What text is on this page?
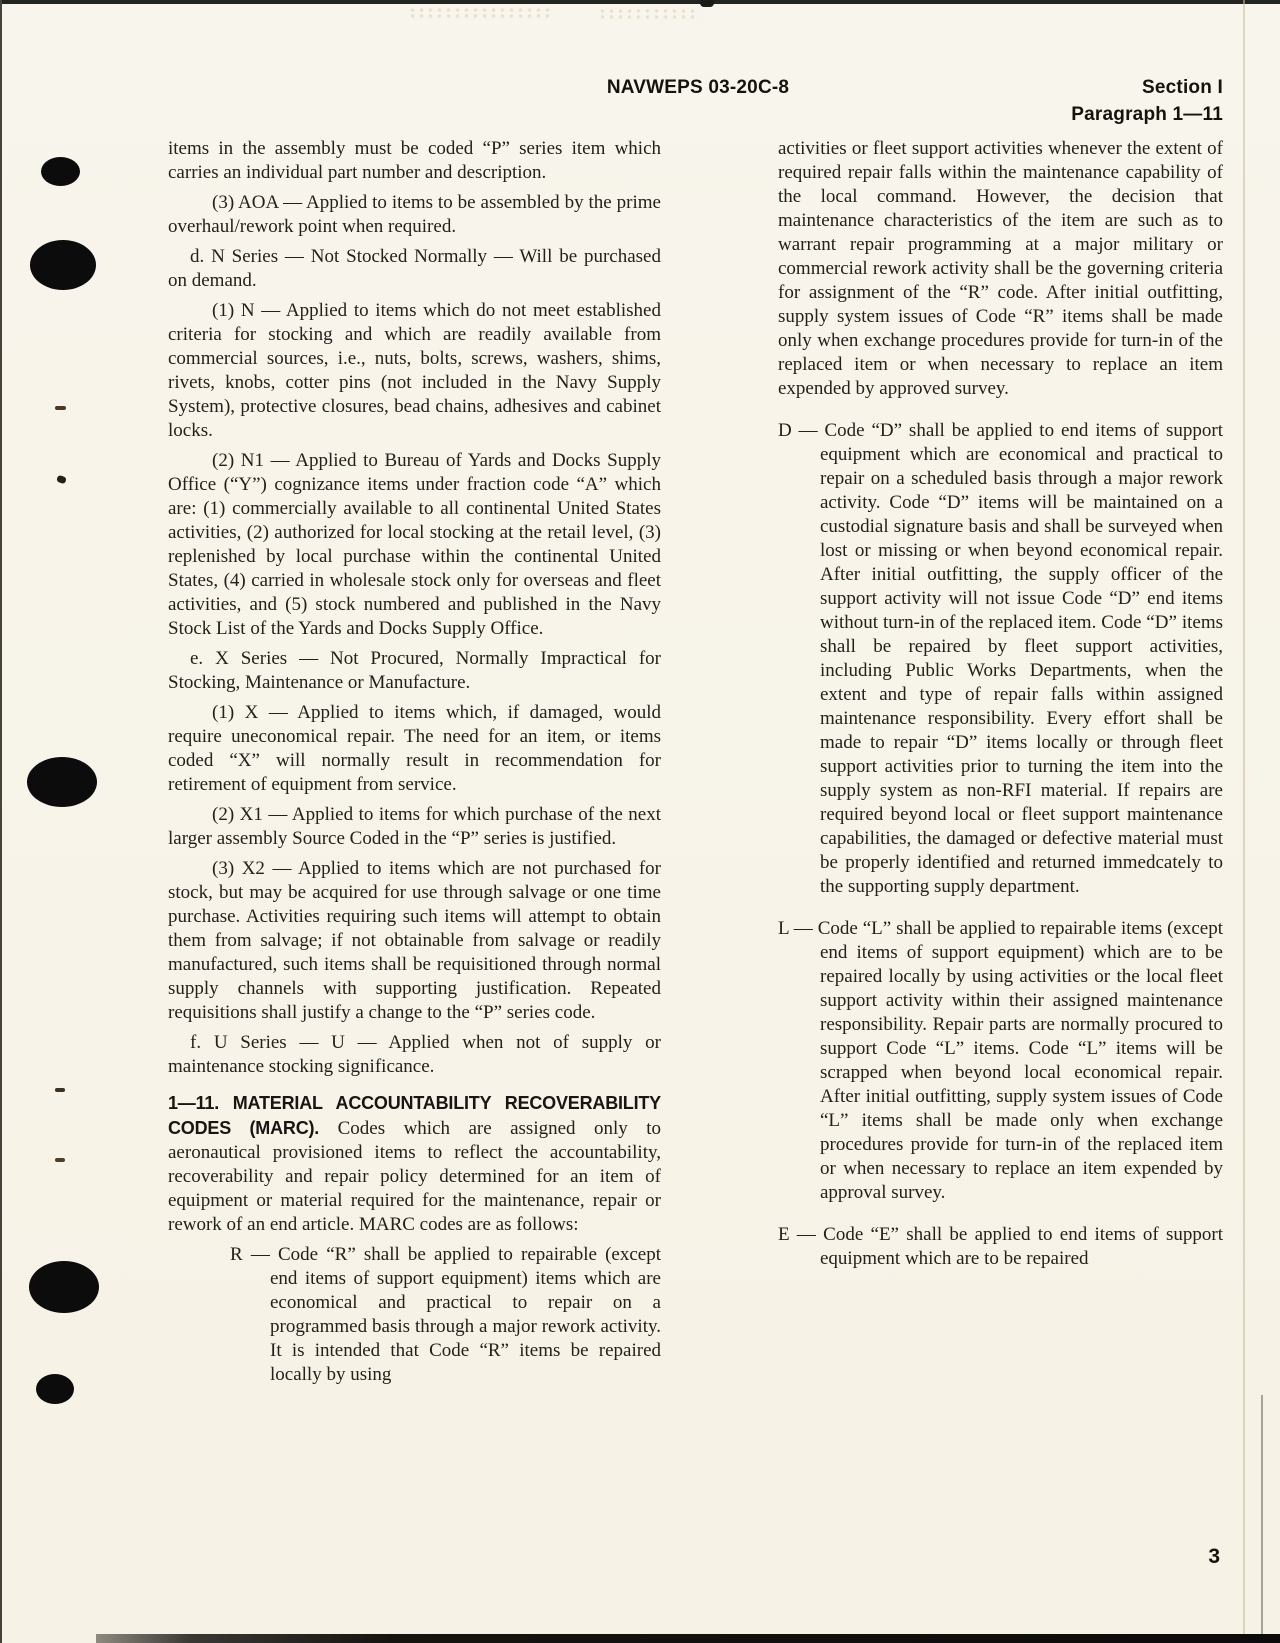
NAVWEPS 03-20C-8	Section I
Paragraph 1—11

items in the assembly must be coded “P” series item which carries an individual part number and description.

(3) AOA — Applied to items to be assembled by the prime overhaul/rework point when required.

d. N Series — Not Stocked Normally — Will be purchased on demand.

(1) N — Applied to items which do not meet established criteria for stocking and which are readily available from commercial sources, i.e., nuts, bolts, screws, washers, shims, rivets, knobs, cotter pins (not included in the Navy Supply System), protective closures, bead chains, adhesives and cabinet locks.

(2) N1 — Applied to Bureau of Yards and Docks Supply Office (“Y”) cognizance items under fraction code “A” which are: (1) commercially available to all continental United States activities, (2) authorized for local stocking at the retail level, (3) replenished by local purchase within the continental United States, (4) carried in wholesale stock only for overseas and fleet activities, and (5) stock numbered and published in the Navy Stock List of the Yards and Docks Supply Office.

e. X Series — Not Procured, Normally Impractical for Stocking, Maintenance or Manufacture.

(1) X — Applied to items which, if damaged, would require uneconomical repair. The need for an item, or items coded “X” will normally result in recommendation for retirement of equipment from service.

(2) X1 — Applied to items for which purchase of the next larger assembly Source Coded in the “P” series is justified.

(3) X2 — Applied to items which are not purchased for stock, but may be acquired for use through salvage or one time purchase. Activities requiring such items will attempt to obtain them from salvage; if not obtainable from salvage or readily manufactured, such items shall be requisitioned through normal supply channels with supporting justification. Repeated requisitions shall justify a change to the “P” series code.

f. U Series — U — Applied when not of supply or maintenance stocking significance.

1—11. MATERIAL ACCOUNTABILITY RECOVERABILITY CODES (MARC). Codes which are assigned only to aeronautical provisioned items to reflect the accountability, recoverability and repair policy determined for an item of equipment or material required for the maintenance, repair or rework of an end article. MARC codes are as follows:

R — Code “R” shall be applied to repairable (except end items of support equipment) items which are economical and practical to repair on a programmed basis through a major rework activity. It is intended that Code “R” items be repaired locally by using

activities or fleet support activities whenever the extent of required repair falls within the maintenance capability of the local command. However, the decision that maintenance characteristics of the item are such as to warrant repair programming at a major military or commercial rework activity shall be the governing criteria for assignment of the “R” code. After initial outfitting, supply system issues of Code “R” items shall be made only when exchange procedures provide for turn-in of the replaced item or when necessary to replace an item expended by approved survey.

D — Code “D” shall be applied to end items of support equipment which are economical and practical to repair on a scheduled basis through a major rework activity. Code “D” items will be maintained on a custodial signature basis and shall be surveyed when lost or missing or when beyond economical repair. After initial outfitting, the supply officer of the support activity will not issue Code “D” end items without turn-in of the replaced item. Code “D” items shall be repaired by fleet support activities, including Public Works Departments, when the extent and type of repair falls within assigned maintenance responsibility. Every effort shall be made to repair “D” items locally or through fleet support activities prior to turning the item into the supply system as non-RFI material. If repairs are required beyond local or fleet support maintenance capabilities, the damaged or defective material must be properly identified and returned immedcately to the supporting supply department.

L — Code “L” shall be applied to repairable items (except end items of support equipment) which are to be repaired locally by using activities or the local fleet support activity within their assigned maintenance responsibility. Repair parts are normally procured to support Code “L” items. Code “L” items will be scrapped when beyond local economical repair. After initial outfitting, supply system issues of Code “L” items shall be made only when exchange procedures provide for turn-in of the replaced item or when necessary to replace an item expended by approval survey.

E — Code “E” shall be applied to end items of support equipment which are to be repaired

3
